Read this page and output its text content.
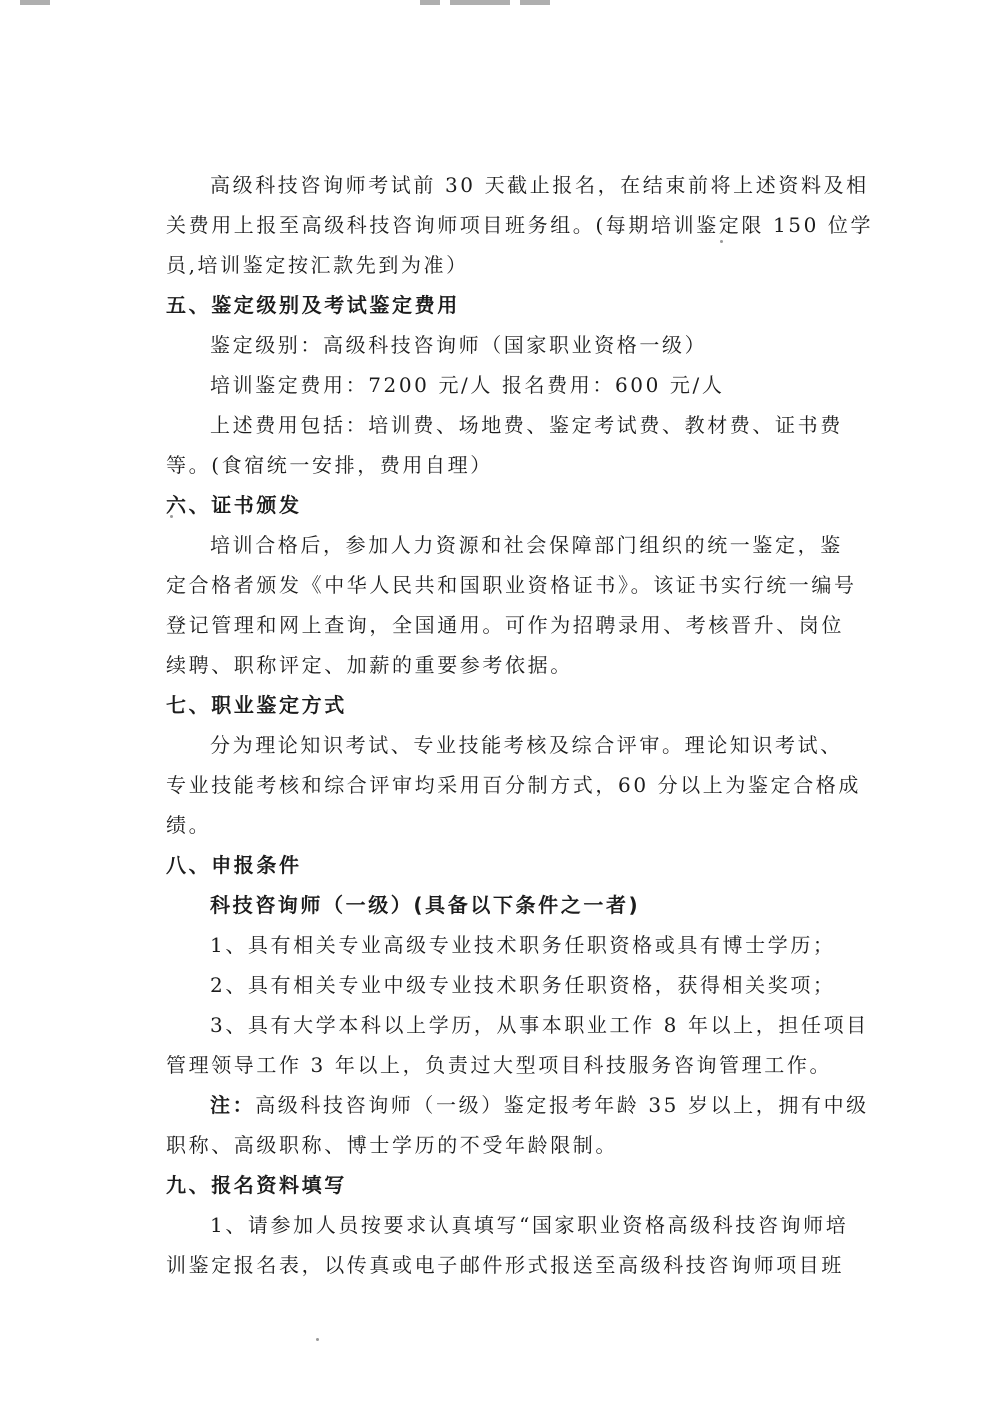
高级科技咨询师考试前 30 天截止报名，在结束前将上述资料及相
关费用上报至高级科技咨询师项目班务组。(每期培训鉴定限 150 位学
员,培训鉴定按汇款先到为准）
五、鉴定级别及考试鉴定费用
鉴定级别：高级科技咨询师（国家职业资格一级）
培训鉴定费用：7200 元/人 报名费用：600 元/人
上述费用包括：培训费、场地费、鉴定考试费、教材费、证书费
等。(食宿统一安排，费用自理）
六、证书颁发
培训合格后，参加人力资源和社会保障部门组织的统一鉴定，鉴
定合格者颁发《中华人民共和国职业资格证书》。该证书实行统一编号
登记管理和网上查询，全国通用。可作为招聘录用、考核晋升、岗位
续聘、职称评定、加薪的重要参考依据。
七、职业鉴定方式
分为理论知识考试、专业技能考核及综合评审。理论知识考试、
专业技能考核和综合评审均采用百分制方式，60 分以上为鉴定合格成
绩。
八、申报条件
科技咨询师（一级）(具备以下条件之一者)
1、具有相关专业高级专业技术职务任职资格或具有博士学历；
2、具有相关专业中级专业技术职务任职资格，获得相关奖项；
3、具有大学本科以上学历，从事本职业工作 8 年以上，担任项目
管理领导工作 3 年以上，负责过大型项目科技服务咨询管理工作。
注：高级科技咨询师（一级）鉴定报考年龄 35 岁以上，拥有中级
职称、高级职称、博士学历的不受年龄限制。
九、报名资料填写
1、请参加人员按要求认真填写“国家职业资格高级科技咨询师培
训鉴定报名表，以传真或电子邮件形式报送至高级科技咨询师项目班
